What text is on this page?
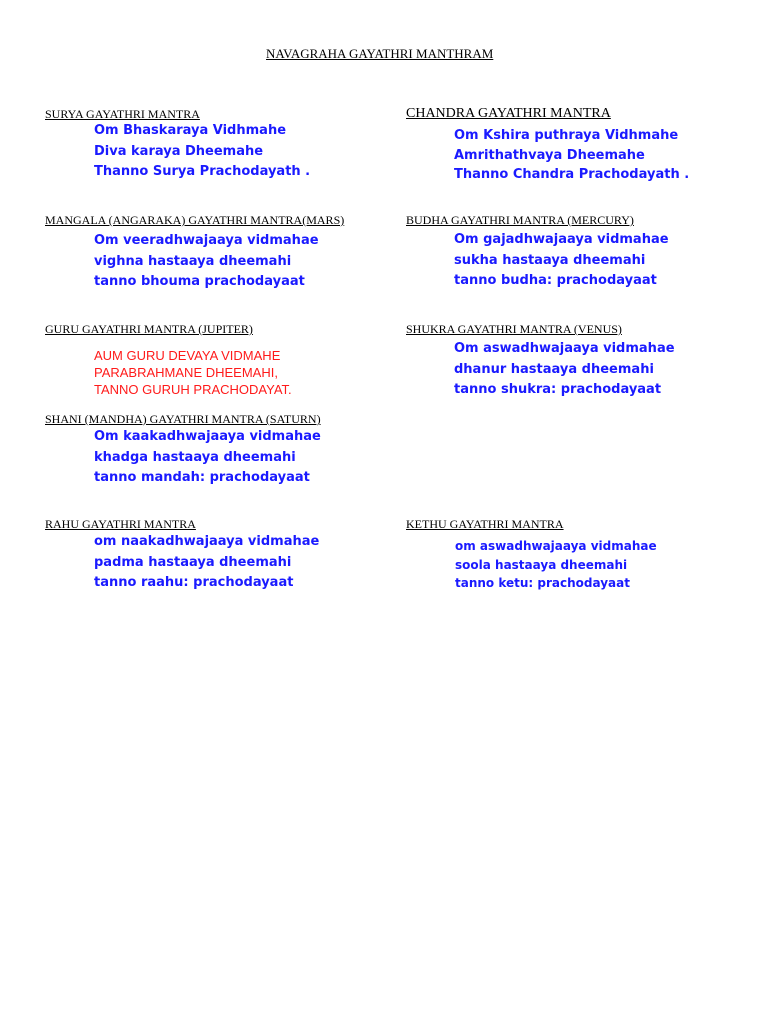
NAVAGRAHA GAYATHRI MANTHRAM
SURYA GAYATHRI MANTRA
Om Bhaskaraya Vidhmahe
Diva karaya Dheemahe
Thanno Surya Prachodayath .
CHANDRA GAYATHRI MANTRA
Om Kshira puthraya Vidhmahe
Amrithathvaya Dheemahe
Thanno Chandra Prachodayath .
MANGALA (ANGARAKA) GAYATHRI MANTRA(MARS)
Om veeradhwajaaya vidmahae
vighna hastaaya dheemahi
tanno bhouma prachodayaat
BUDHA GAYATHRI MANTRA (MERCURY)
Om gajadhwajaaya vidmahae
sukha hastaaya dheemahi
tanno budha: prachodayaat
GURU GAYATHRI MANTRA (JUPITER)
AUM GURU DEVAYA VIDMAHE
PARABRAHMANE DHEEMAHI,
TANNO GURUH PRACHODAYAT.
SHUKRA GAYATHRI MANTRA (VENUS)
Om aswadhwajaaya vidmahae
dhanur hastaaya dheemahi
tanno shukra: prachodayaat
SHANI (MANDHA) GAYATHRI MANTRA (SATURN)
Om kaakadhwajaaya vidmahae
khadga hastaaya dheemahi
tanno mandah: prachodayaat
RAHU GAYATHRI MANTRA
om naakadhwajaaya vidmahae
padma hastaaya dheemahi
tanno raahu: prachodayaat
KETHU GAYATHRI MANTRA
om aswadhwajaaya vidmahae
soola hastaaya dheemahi
tanno ketu: prachodayaat
